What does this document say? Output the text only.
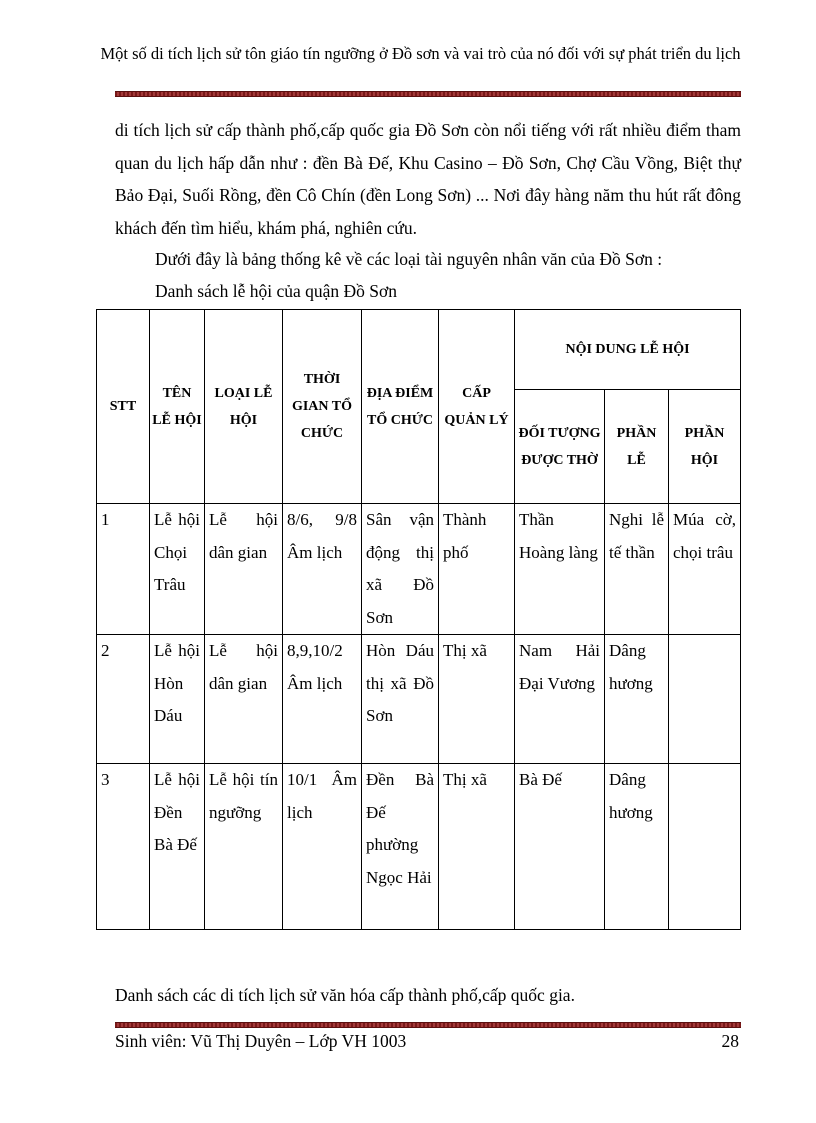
Một số di tích lịch sử tôn giáo tín ngưỡng ở Đồ sơn và vai trò của nó đối với sự phát triển du lịch

di tích lịch sử cấp thành phố,cấp quốc gia Đồ Sơn còn nổi tiếng với rất nhiều điểm tham quan du lịch hấp dẫn như : đền Bà Đế, Khu Casino – Đồ Sơn, Chợ Cầu Vồng, Biệt thự Bảo Đại, Suối Rồng, đền Cô Chín (đền Long Sơn) ... Nơi đây hàng năm thu hút rất đông khách đến tìm hiểu, khám phá, nghiên cứu.

Dưới đây là bảng thống kê về các loại tài nguyên nhân văn của Đồ Sơn :

Danh sách lễ hội của quận Đồ Sơn

STT	TÊN LỄ HỘI	LOẠI LỄ HỘI	THỜI GIAN TỔ CHỨC	ĐỊA ĐIỂM TỔ CHỨC	CẤP QUẢN LÝ	NỘI DUNG LỄ HỘI		
						ĐỐI TƯỢNG ĐƯỢC THỜ	PHẦN LỄ	PHẦN HỘI
1	Lễ hội Chọi Trâu	Lễ hội dân gian	8/6, 9/8 Âm lịch	Sân vận động thị xã Đồ Sơn	Thành phố	Thần Hoàng làng	Nghi lễ tế thần	Múa cờ, chọi trâu
2	Lễ hội Hòn Dáu	Lễ hội dân gian	8,9,10/2 Âm lịch	Hòn Dáu thị xã Đồ Sơn	Thị xã	Nam Hải Đại Vương	Dâng hương	
3	Lễ hội Đền Bà Đế	Lễ hội tín ngưỡng	10/1 Âm lịch	Đền Bà Đế phường Ngọc Hải	Thị xã	Bà Đế	Dâng hương	

Danh sách các di tích lịch sử văn hóa cấp thành phố,cấp quốc gia.

Sinh viên: Vũ Thị Duyên – Lớp VH 1003	28
